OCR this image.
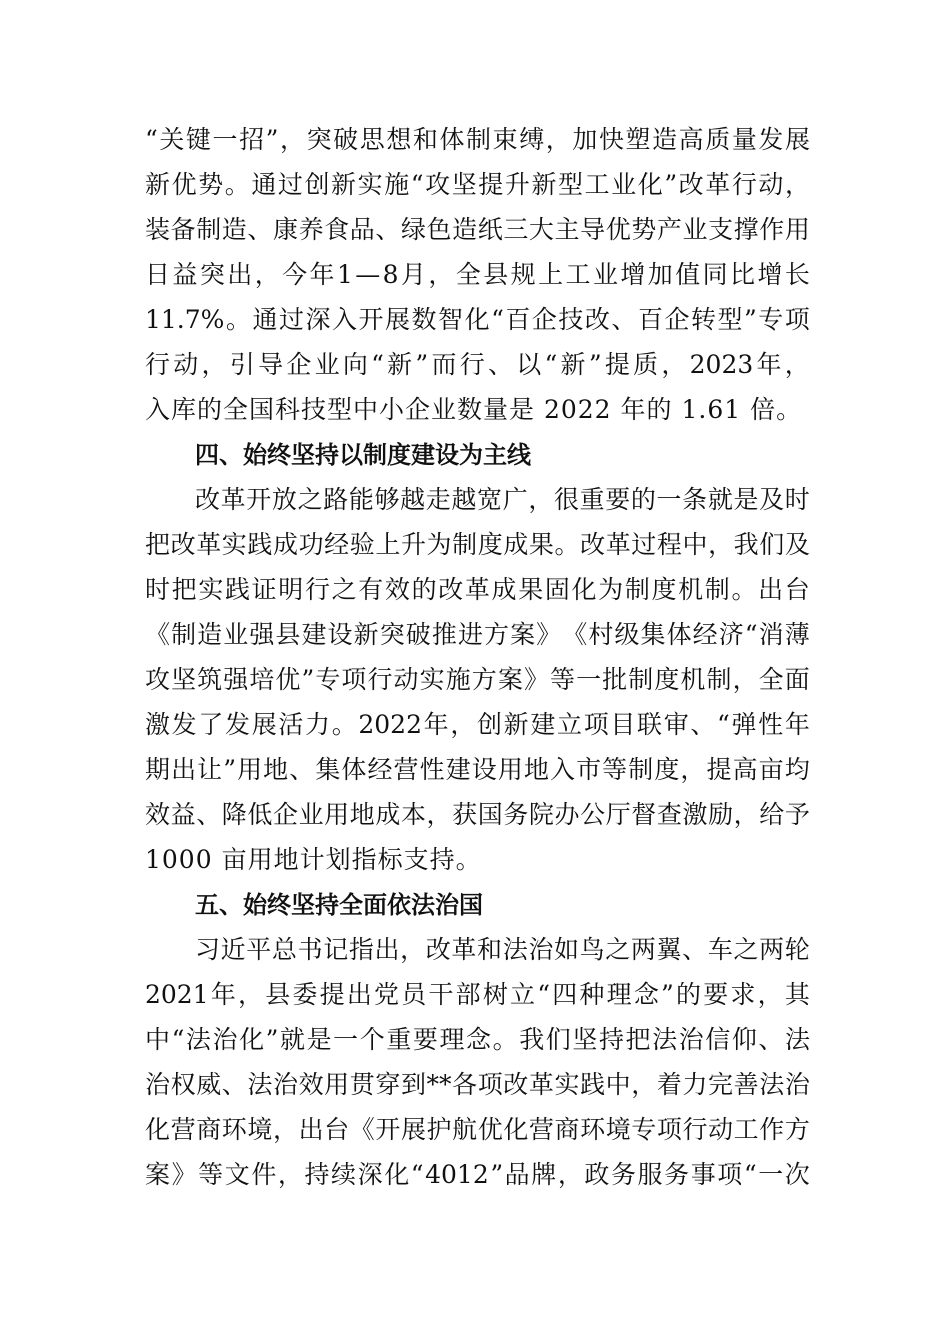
“ 关 键 一 招 ” ， 突 破 思 想 和 体 制 束 缚 ， 加 快 塑 造 高 质 量 发 展
新 优 势 。 通 过 创 新 实 施 “ 攻 坚 提 升 新 型 工 业 化 ” 改 革 行 动 ，
装 备 制 造 、 康 养 食 品 、 绿 色 造 纸 三 大 主 导 优 势 产 业 支 撑 作 用
日 益 突 出 ， 今 年 1 — 8 月 ， 全 县 规 上 工 业 增 加 值 同 比 增 长
11.7% 。 通 过 深 入 开 展 数 智 化 “ 百 企 技 改 、 百 企 转 型 ” 专 项
行 动 ， 引 导 企 业 向 “ 新 ” 而 行 、 以 “ 新 ” 提 质 ， 2023 年 ，
入库的全国科技型中小企业数量是 2022 年的 1.61 倍。
四、始终坚持以制度建设为主线
改 革 开 放 之 路 能 够 越 走 越 宽 广 ， 很 重 要 的 一 条 就 是 及 时
把 改 革 实 践 成 功 经 验 上 升 为 制 度 成 果 。 改 革 过 程 中 ， 我 们 及
时 把 实 践 证 明 行 之 有 效 的 改 革 成 果 固 化 为 制 度 机 制 。 出 台
《 制 造 业 强 县 建 设 新 突 破 推 进 方 案 》 《 村 级 集 体 经 济 “ 消 薄
攻 坚 筑 强 培 优 ” 专 项 行 动 实 施 方 案 》 等 一 批 制 度 机 制 ， 全 面
激 发 了 发 展 活 力 。 2022 年 ， 创 新 建 立 项 目 联 审 、 “ 弹 性 年
期 出 让 ” 用 地 、 集 体 经 营 性 建 设 用 地 入 市 等 制 度 ， 提 高 亩 均
效 益 、 降 低 企 业 用 地 成 本 ， 获 国 务 院 办 公 厅 督 查 激 励 ， 给 予
1000 亩用地计划指标支持。
五、始终坚持全面依法治国
习 近 平 总 书 记 指 出 ， 改 革 和 法 治 如 鸟 之 两 翼 、 车 之 两 轮
2021 年 ， 县 委 提 出 党 员 干 部 树 立 “ 四 种 理 念 ” 的 要 求 ， 其
中 “ 法 治 化 ” 就 是 一 个 重 要 理 念 。 我 们 坚 持 把 法 治 信 仰 、 法
治 权 威 、 法 治 效 用 贯 穿 到 ** 各 项 改 革 实 践 中 ， 着 力 完 善 法 治
化 营 商 环 境 ， 出 台 《 开 展 护 航 优 化 营 商 环 境 专 项 行 动 工 作 方
案 》 等 文 件 ， 持 续 深 化 “ 4012 ” 品 牌 ， 政 务 服 务 事 项 “ 一 次
